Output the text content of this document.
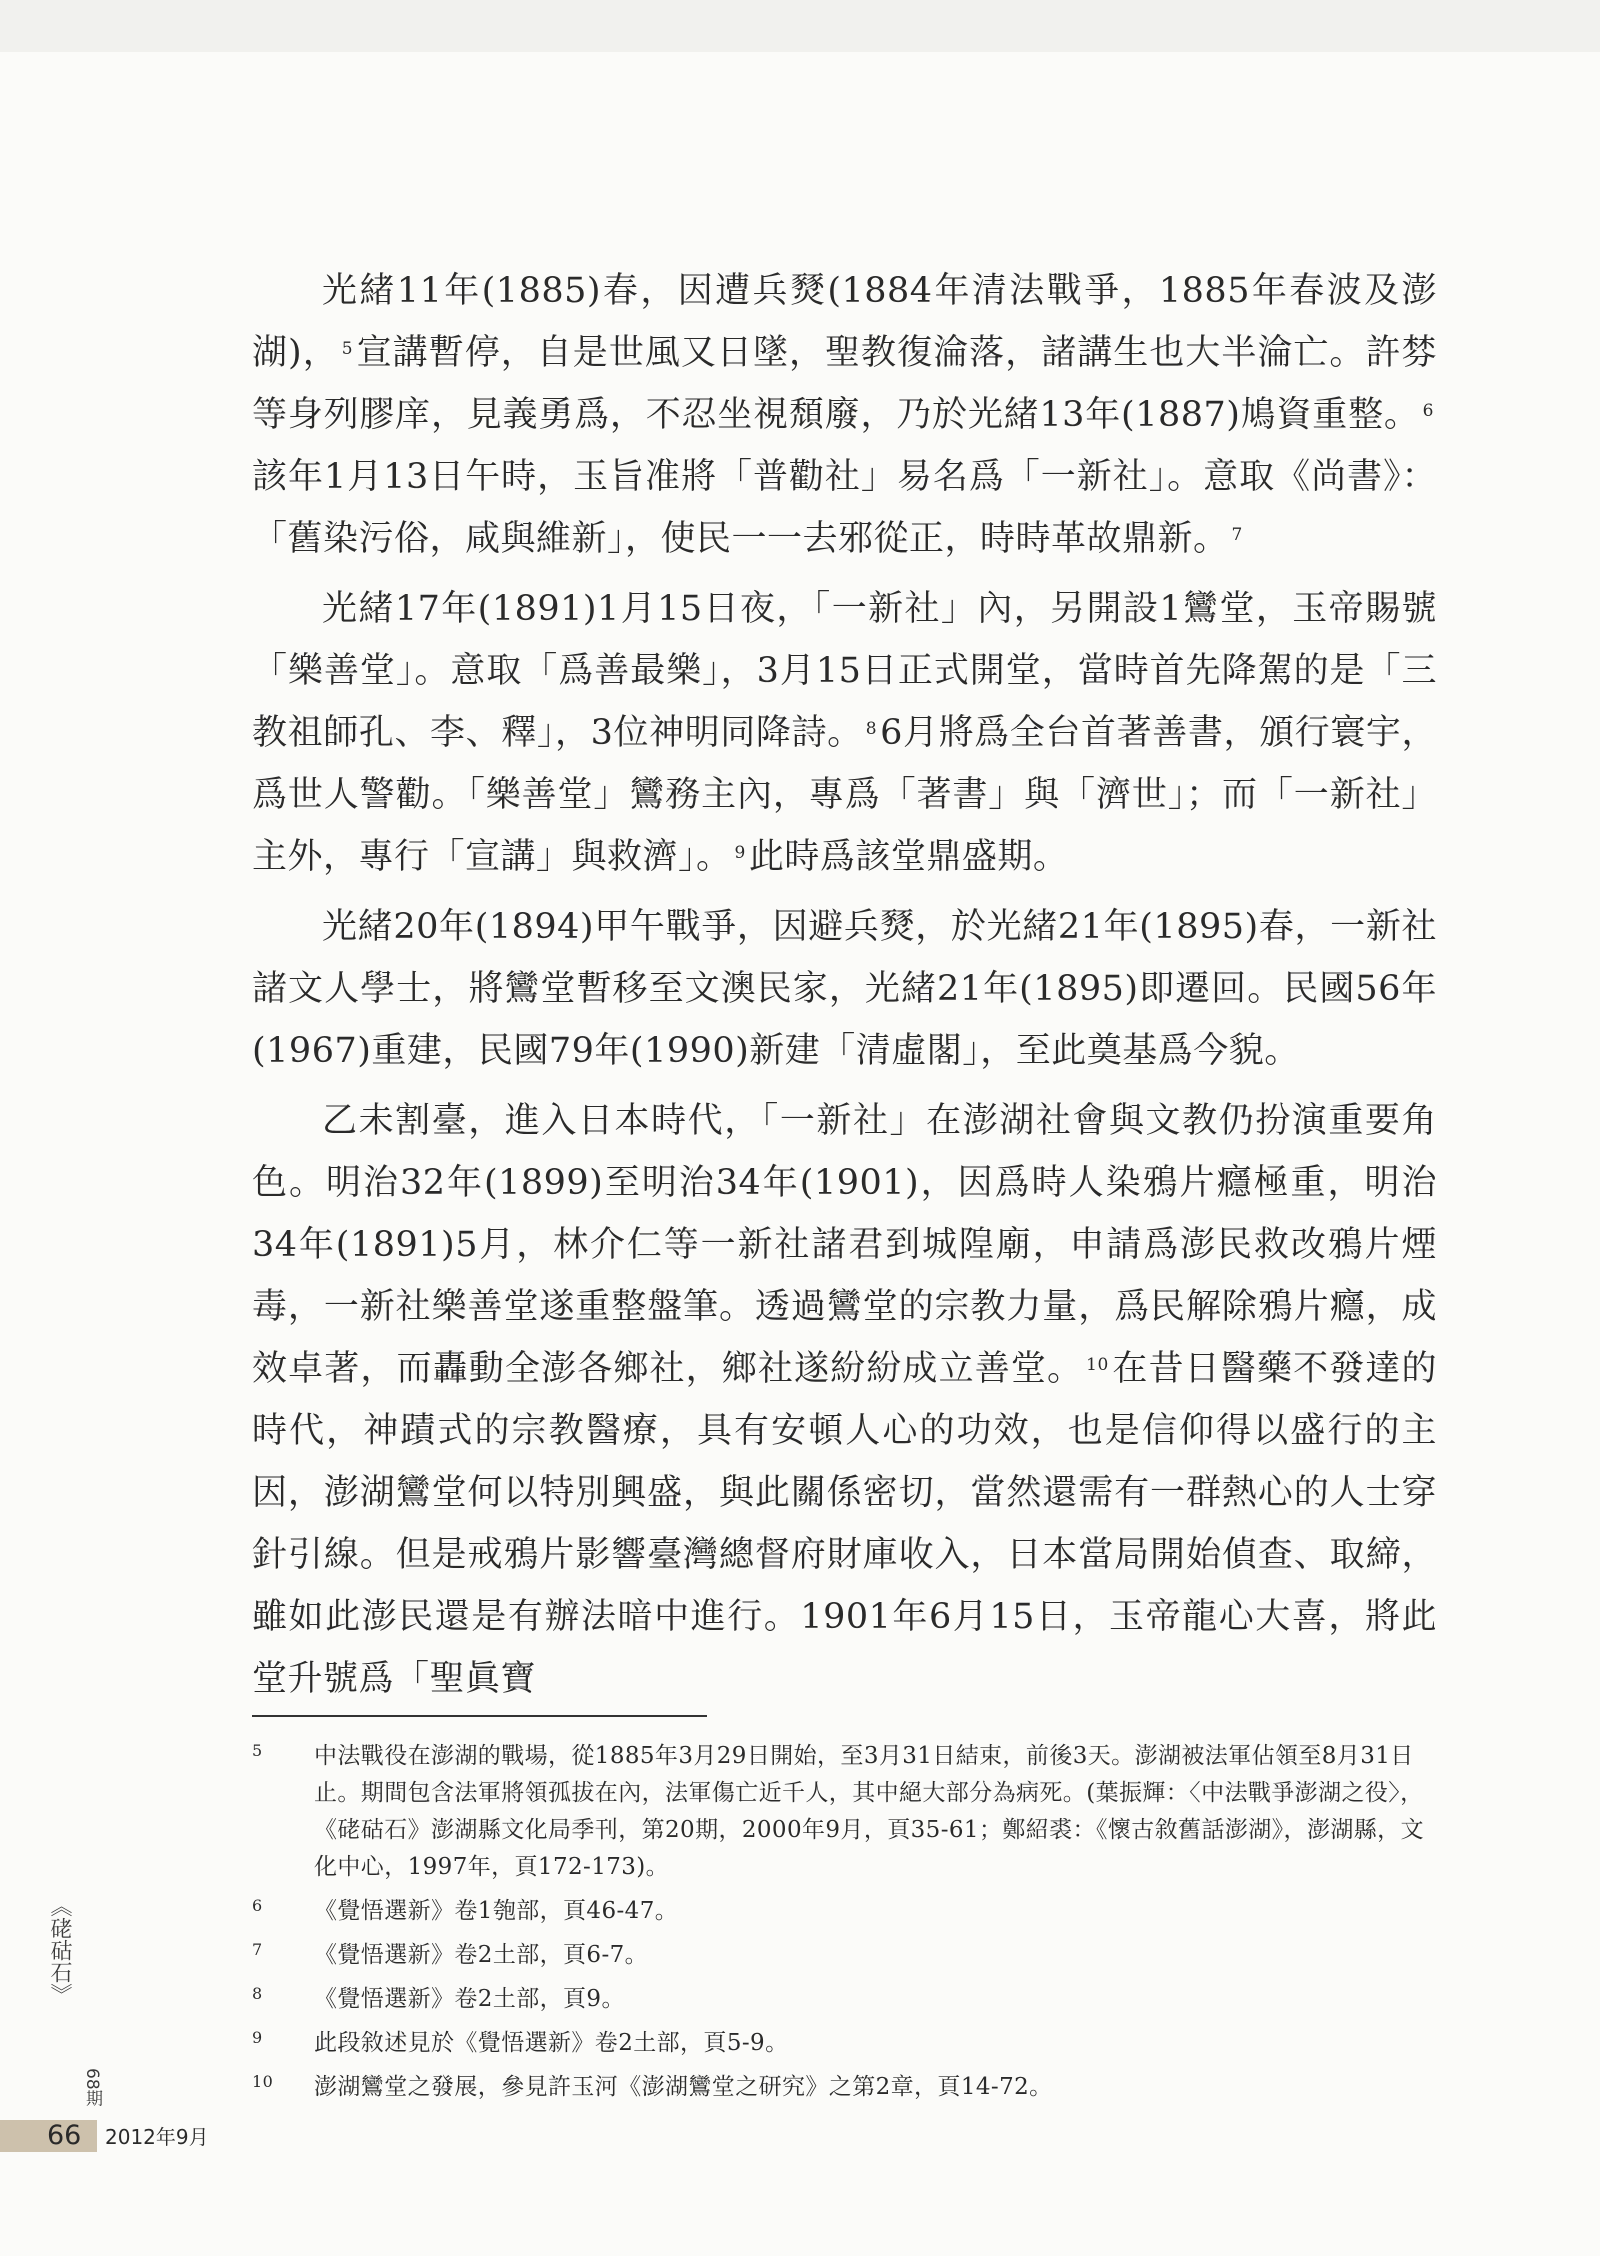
光緒11年(1885)春，因遭兵燹(1884年清法戰爭，1885年春波及澎湖)， $^5$宣講暫停，自是世風又日墜，聖教復淪落，諸講生也大半淪亡。許棼等身列膠庠，見義勇爲，不忍坐視頹廢，乃於光緒13年(1887)鳩資重整。 $^6$該年1月13日午時，玉旨准將「普勸社」易名爲「一新社」。意取《尚書》：「舊染污俗，咸與維新」，使民一一去邪從正，時時革故鼎新。 $^7$

光緒17年(1891)1月15日夜，「一新社」內，另開設1鸞堂，玉帝賜號「樂善堂」。意取「爲善最樂」，3月15日正式開堂，當時首先降駕的是「三教祖師孔、李、釋」，3位神明同降詩。 $^8$6月將爲全台首著善書，頒行寰宇，爲世人警勸。「樂善堂」鸞務主內，專爲「著書」與「濟世」；而「一新社」主外，專行「宣講」與救濟」。 $^9$此時爲該堂鼎盛期。

光緒20年(1894)甲午戰爭，因避兵燹，於光緒21年(1895)春，一新社諸文人學士，將鸞堂暫移至文澳民家，光緒21年(1895)即遷回。民國56年(1967)重建，民國79年(1990)新建「清虛閣」，至此奠基爲今貌。

乙未割臺，進入日本時代，「一新社」在澎湖社會與文教仍扮演重要角色。明治32年(1899)至明治34年(1901)，因爲時人染鴉片癮極重，明治34年(1891)5月，林介仁等一新社諸君到城隍廟，申請爲澎民救改鴉片煙毒，一新社樂善堂遂重整盤筆。透過鸞堂的宗教力量，爲民解除鴉片癮，成效卓著，而轟動全澎各鄉社，鄉社遂紛紛成立善堂。 $^{10}$在昔日醫藥不發達的時代，神蹟式的宗教醫療，具有安頓人心的功效，也是信仰得以盛行的主因，澎湖鸞堂何以特別興盛，與此關係密切，當然還需有一群熱心的人士穿針引線。但是戒鴉片影響臺灣總督府財庫收入，日本當局開始偵查、取締，雖如此澎民還是有辦法暗中進行。1901年6月15日，玉帝龍心大喜，將此堂升號爲「聖眞寶

5 中法戰役在澎湖的戰場，從1885年3月29日開始，至3月31日結束，前後3天。澎湖被法軍佔領至8月31日止。期間包含法軍將領孤拔在內，法軍傷亡近千人，其中絕大部分為病死。(葉振輝：〈中法戰爭澎湖之役〉，《硓𥑮石》澎湖縣文化局季刊，第20期，2000年9月，頁35-61；鄭紹裘：《懷古敘舊話澎湖》，澎湖縣，文化中心，1997年，頁172-173)。
6 《覺悟選新》卷1匏部，頁46-47。
7 《覺悟選新》卷2土部，頁6-7。
8 《覺悟選新》卷2土部，頁9。
9 此段敘述見於《覺悟選新》卷2土部，頁5-9。
10 澎湖鸞堂之發展，參見許玉河《澎湖鸞堂之研究》之第2章，頁14-72。
《硓𥑮石》
68期
66 2012年9月
